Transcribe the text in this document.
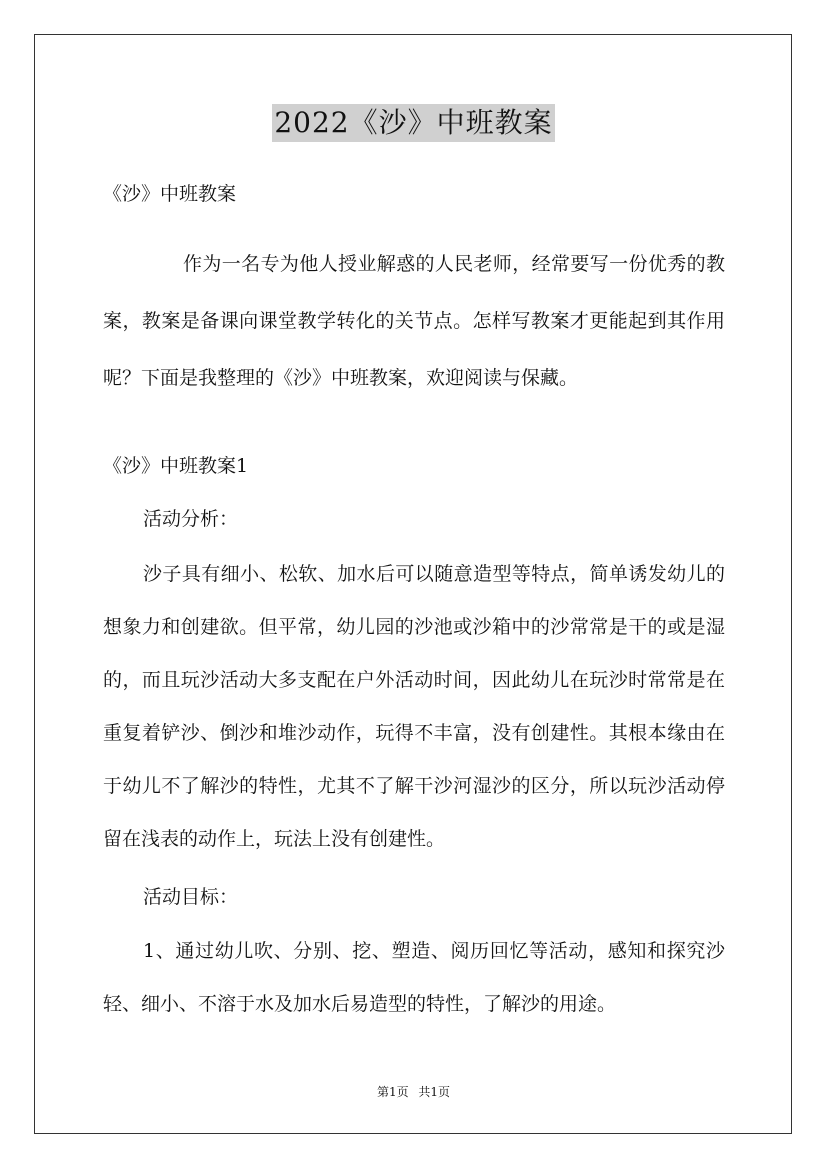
2022《沙》中班教案
《沙》中班教案
作为一名专为他人授业解惑的人民老师，经常要写一份优秀的教案，教案是备课向课堂教学转化的关节点。怎样写教案才更能起到其作用呢？下面是我整理的《沙》中班教案，欢迎阅读与保藏。
《沙》中班教案1
活动分析：
沙子具有细小、松软、加水后可以随意造型等特点，简单诱发幼儿的想象力和创建欲。但平常，幼儿园的沙池或沙箱中的沙常常是干的或是湿的，而且玩沙活动大多支配在户外活动时间，因此幼儿在玩沙时常常是在重复着铲沙、倒沙和堆沙动作，玩得不丰富，没有创建性。其根本缘由在于幼儿不了解沙的特性，尤其不了解干沙河湿沙的区分，所以玩沙活动停留在浅表的动作上，玩法上没有创建性。
活动目标：
1、通过幼儿吹、分别、挖、塑造、阅历回忆等活动，感知和探究沙轻、细小、不溶于水及加水后易造型的特性，了解沙的用途。
第1页 共1页
